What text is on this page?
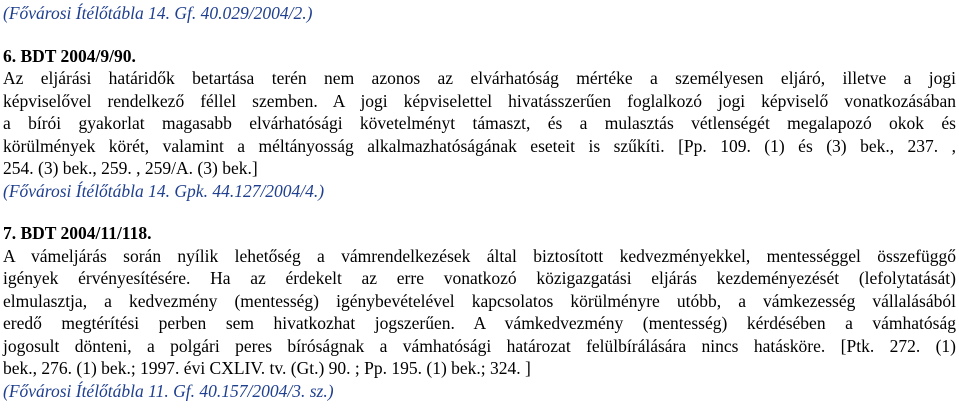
(Fővárosi Ítélőtábla 14. Gf. 40.029/2004/2.)
6. BDT 2004/9/90.
Az eljárási határidők betartása terén nem azonos az elvárhatóság mértéke a személyesen eljáró, illetve a jogi
képviselővel rendelkező féllel szemben. A jogi képviselettel hivatásszerűen foglalkozó jogi képviselő vonatkozásában
a bírói gyakorlat magasabb elvárhatósági követelményt támaszt, és a mulasztás vétlenségét megalapozó okok és
körülmények körét, valamint a méltányosság alkalmazhatóságának eseteit is szűkíti. [Pp. 109. (1) és (3) bek., 237. ,
254. (3) bek., 259. , 259/A. (3) bek.]
(Fővárosi Ítélőtábla 14. Gpk. 44.127/2004/4.)
7. BDT 2004/11/118.
A vámeljárás során nyílik lehetőség a vámrendelkezések által biztosított kedvezményekkel, mentességgel összefüggő
igények érvényesítésére. Ha az érdekelt az erre vonatkozó közigazgatási eljárás kezdeményezését (lefolytatását)
elmulasztja, a kedvezmény (mentesség) igénybevételével kapcsolatos körülményre utóbb, a vámkezesség vállalásából
eredő megtérítési perben sem hivatkozhat jogszerűen. A vámkedvezmény (mentesség) kérdésében a vámhatóság
jogosult dönteni, a polgári peres bíróságnak a vámhatósági határozat felülbírálására nincs hatásköre. [Ptk. 272. (1)
bek., 276. (1) bek.; 1997. évi CXLIV. tv. (Gt.) 90. ; Pp. 195. (1) bek.; 324. ]
(Fővárosi Ítélőtábla 11. Gf. 40.157/2004/3. sz.)
